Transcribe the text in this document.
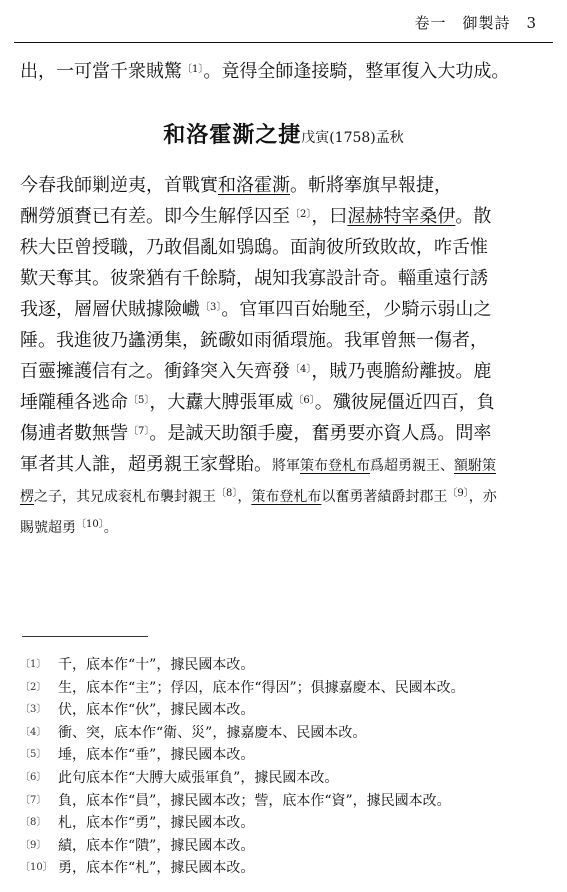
卷一　御製詩　3
出，一可當千衆賊驚$^{〔1〕}$。竟得全師逢接騎，整軍復入大功成。
和洛霍澌之捷戊寅(1758)孟秋
今春我師剿逆夷，首戰實和洛霍澌。斬將搴旗早報捷，
酬勞頒賚已有差。即今生解俘囚至$^{〔2〕}$，曰渥赫特宰桑伊。散
秩大臣曾授職，乃敢倡亂如鴞鴟。面詢彼所致敗故，咋舌惟
歎天奪其。彼衆猶有千餘騎，覘知我寡設計奇。輜重遠行誘
我逐，層層伏賊據險巇$^{〔3〕}$。官軍四百始馳至，少騎示弱山之
陲。我進彼乃蠭湧集，銃礮如雨循環施。我軍曾無一傷者，
百靈擁護信有之。衝鋒突入矢齊發$^{〔4〕}$，賊乃喪膽紛離披。鹿
埵隴種各逃命$^{〔5〕}$，大纛大膊張軍威$^{〔6〕}$。殲彼屍僵近四百，負
傷逋者數無訾$^{〔7〕}$。是誠天助額手慶，奮勇要亦資人爲。問率
軍者其人誰，超勇親王家聲貽。將軍策布登札布爲超勇親王、額駙策
楞之子，其兄成衮札布襲封親王$^{〔8〕}$，策布登札布以奮勇著績爵封郡王$^{〔9〕}$，亦
賜號超勇$^{〔10〕}$。
〔1〕 千，底本作“十”，據民國本改。
〔2〕 生，底本作“主”；俘囚，底本作“得因”；俱據嘉慶本、民國本改。
〔3〕 伏，底本作“伙”，據民國本改。
〔4〕 衝、突，底本作“衛、災”，據嘉慶本、民國本改。
〔5〕 埵，底本作“垂”，據民國本改。
〔6〕 此句底本作“大膊大威張軍負”，據民國本改。
〔7〕 負，底本作“員”，據民國本改；訾，底本作“資”，據民國本改。
〔8〕 札，底本作“勇”，據民國本改。
〔9〕 績，底本作“隤”，據民國本改。
〔10〕 勇，底本作“札”，據民國本改。
